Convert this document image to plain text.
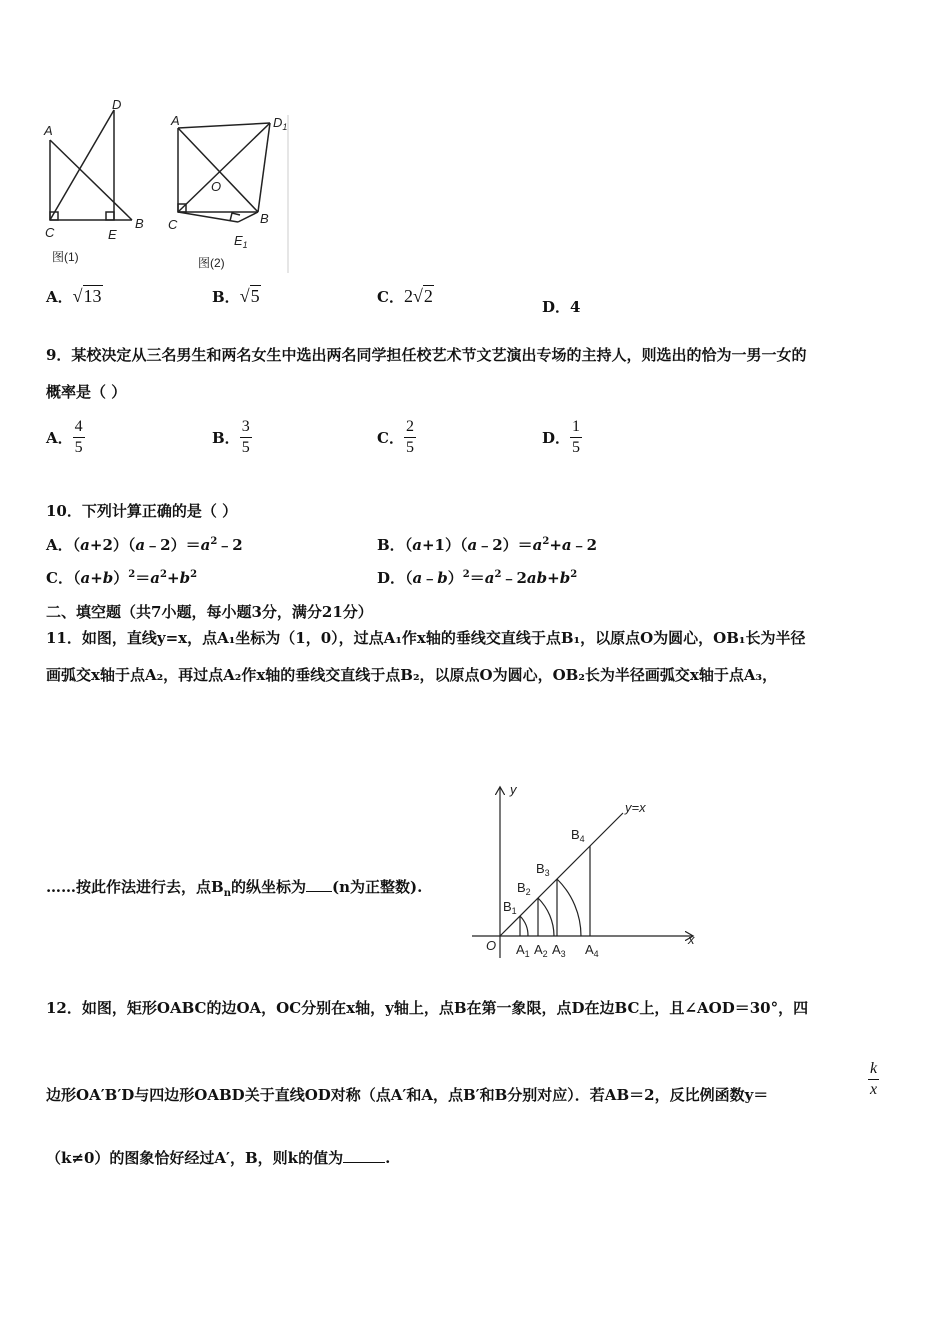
A
D
C	E
B
图(1)
A	$D_1$
O
C	B
$E_1$
图(2)
A．√13	B．√5	C．2√2
D．4
9．某校决定从三名男生和两名女生中选出两名同学担任校艺术节文艺演出专场的主持人，则选出的恰为一男一女的
概率是（ ）
A． $\frac{4}{5}$	B． $\frac{3}{5}$	C． $\frac{2}{5}$	D． $\frac{1}{5}$
10．下列计算正确的是（ ）
A．$(a+2)(a﹣2)=a^2﹣2$	B．$(a+1)(a﹣2)=a^2+a﹣2$
C．$(a+b)^2=a^2+b^2$	D．$(a﹣b)^2=a^2﹣2ab+b^2$
二、填空题（共7小题，每小题3分，满分21分）
11．如图，直线y=x，点A₁坐标为（1，0），过点A₁作x轴的垂线交直线于点B₁，以原点O为圆心，OB₁长为半径
画弧交x轴于点A₂，再过点A₂作x轴的垂线交直线于点B₂，以原点O为圆心，OB₂长为半径画弧交x轴于点A₃，
……按此作法进行去，点$B_n$的纵坐标为 (n为正整数).
y
x
y=x
O $A_1$ $A_2$ $A_3$ $A_4$
$B_1$
$B_2$
$B_3$
$B_4$
12．如图，矩形OABC的边OA，OC分别在x轴，y轴上，点B在第一象限，点D在边BC上，且∠AOD＝30°，四
边形OA′B′D与四边形OABD关于直线OD对称（点A′和A，点B′和B分别对应）．若AB＝2，反比例函数y＝	$\frac{k}{x}$
（k≠0）的图象恰好经过A′，B，则k的值为	.
